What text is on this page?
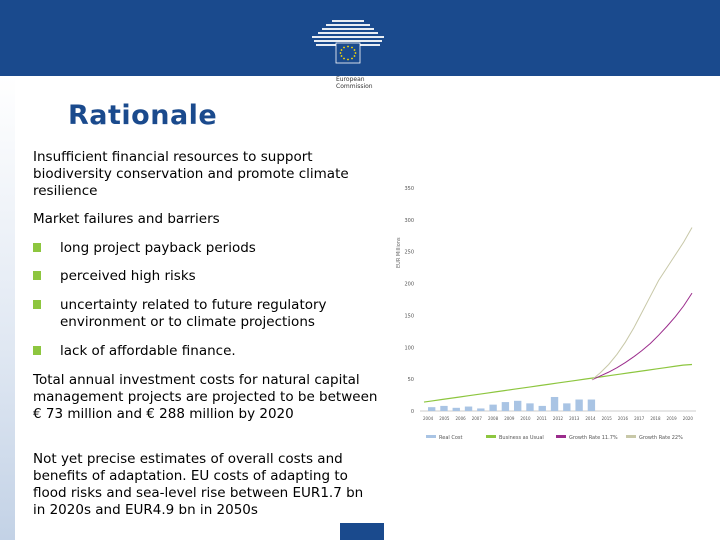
European
Commission
Rationale
Insufficient financial resources to support biodiversity conservation and promote climate resilience
Market failures and barriers
long project payback periods
perceived high risks
uncertainty related to future regulatory environment or to climate projections
lack of affordable finance.
Total annual investment costs for natural capital management projects are projected to be between € 73 million and € 288 million by 2020
Not yet precise estimates of overall costs and benefits of adaptation. EU costs of adapting to flood risks and sea-level rise between EUR1.7 bn in 2020s and EUR4.9 bn in 2050s
0
50
100
150
200
250
300
350
2004 2005 2006 2007 2008 2009 2010 2011 2012 2013 2014 2015 2016 2017 2018 2019 2020
Real Cost	Business as Usual	Growth Rate 11.7%	Growth Rate 22%
EUR Millions
